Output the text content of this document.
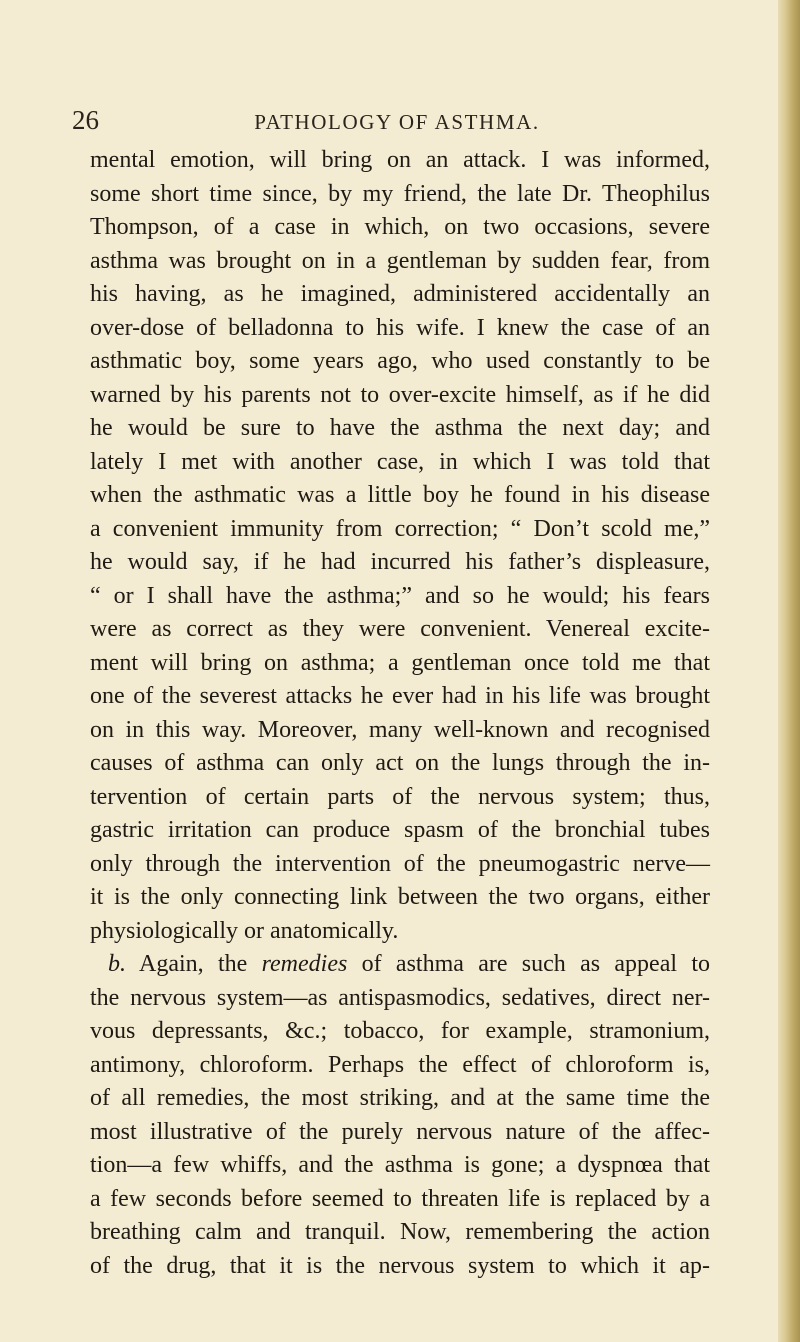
26	PATHOLOGY OF ASTHMA.
mental emotion, will bring on an attack. I was informed,
some short time since, by my friend, the late Dr. Theophilus
Thompson, of a case in which, on two occasions, severe
asthma was brought on in a gentleman by sudden fear, from
his having, as he imagined, administered accidentally an
over-dose of belladonna to his wife. I knew the case of an
asthmatic boy, some years ago, who used constantly to be
warned by his parents not to over-excite himself, as if he did
he would be sure to have the asthma the next day; and
lately I met with another case, in which I was told that
when the asthmatic was a little boy he found in his disease
a convenient immunity from correction; “ Don’t scold me,”
he would say, if he had incurred his father’s displeasure,
“ or I shall have the asthma;” and so he would; his fears
were as correct as they were convenient. Venereal excite-
ment will bring on asthma; a gentleman once told me that
one of the severest attacks he ever had in his life was brought
on in this way. Moreover, many well-known and recognised
causes of asthma can only act on the lungs through the in-
tervention of certain parts of the nervous system; thus,
gastric irritation can produce spasm of the bronchial tubes
only through the intervention of the pneumogastric nerve—
it is the only connecting link between the two organs, either
physiologically or anatomically.
b. Again, the remedies of asthma are such as appeal to
the nervous system—as antispasmodics, sedatives, direct ner-
vous depressants, &c.; tobacco, for example, stramonium,
antimony, chloroform. Perhaps the effect of chloroform is,
of all remedies, the most striking, and at the same time the
most illustrative of the purely nervous nature of the affec-
tion—a few whiffs, and the asthma is gone; a dyspnœa that
a few seconds before seemed to threaten life is replaced by a
breathing calm and tranquil. Now, remembering the action
of the drug, that it is the nervous system to which it ap-
